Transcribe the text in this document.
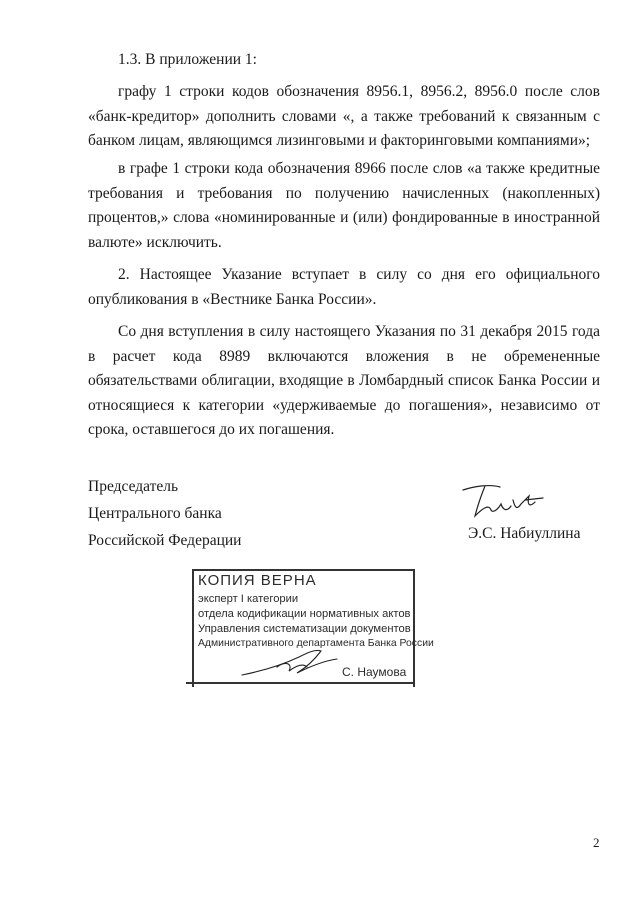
1.3. В приложении 1:

графу 1 строки кодов обозначения 8956.1, 8956.2, 8956.0 после слов «банк-кредитор» дополнить словами «, а также требований к связанным с банком лицам, являющимся лизинговыми и факторинговыми компаниями»;

в графе 1 строки кода обозначения 8966 после слов «а также кредитные требования и требования по получению начисленных (накопленных) процентов,» слова «номинированные и (или) фондированные в иностранной валюте» исключить.

2. Настоящее Указание вступает в силу со дня его официального опубликования в «Вестнике Банка России».

Со дня вступления в силу настоящего Указания по 31 декабря 2015 года в расчет кода 8989 включаются вложения в не обремененные обязательствами облигации, входящие в Ломбардный список Банка России и относящиеся к категории «удерживаемые до погашения», независимо от срока, оставшегося до их погашения.

Председатель
Центрального банка
Российской Федерации	Э.С. Набиуллина
КОПИЯ ВЕРНА
эксперт I категории
отдела кодификации нормативных актов
Управления систематизации документов
Административного департамента Банка России
С. Наумова
2
